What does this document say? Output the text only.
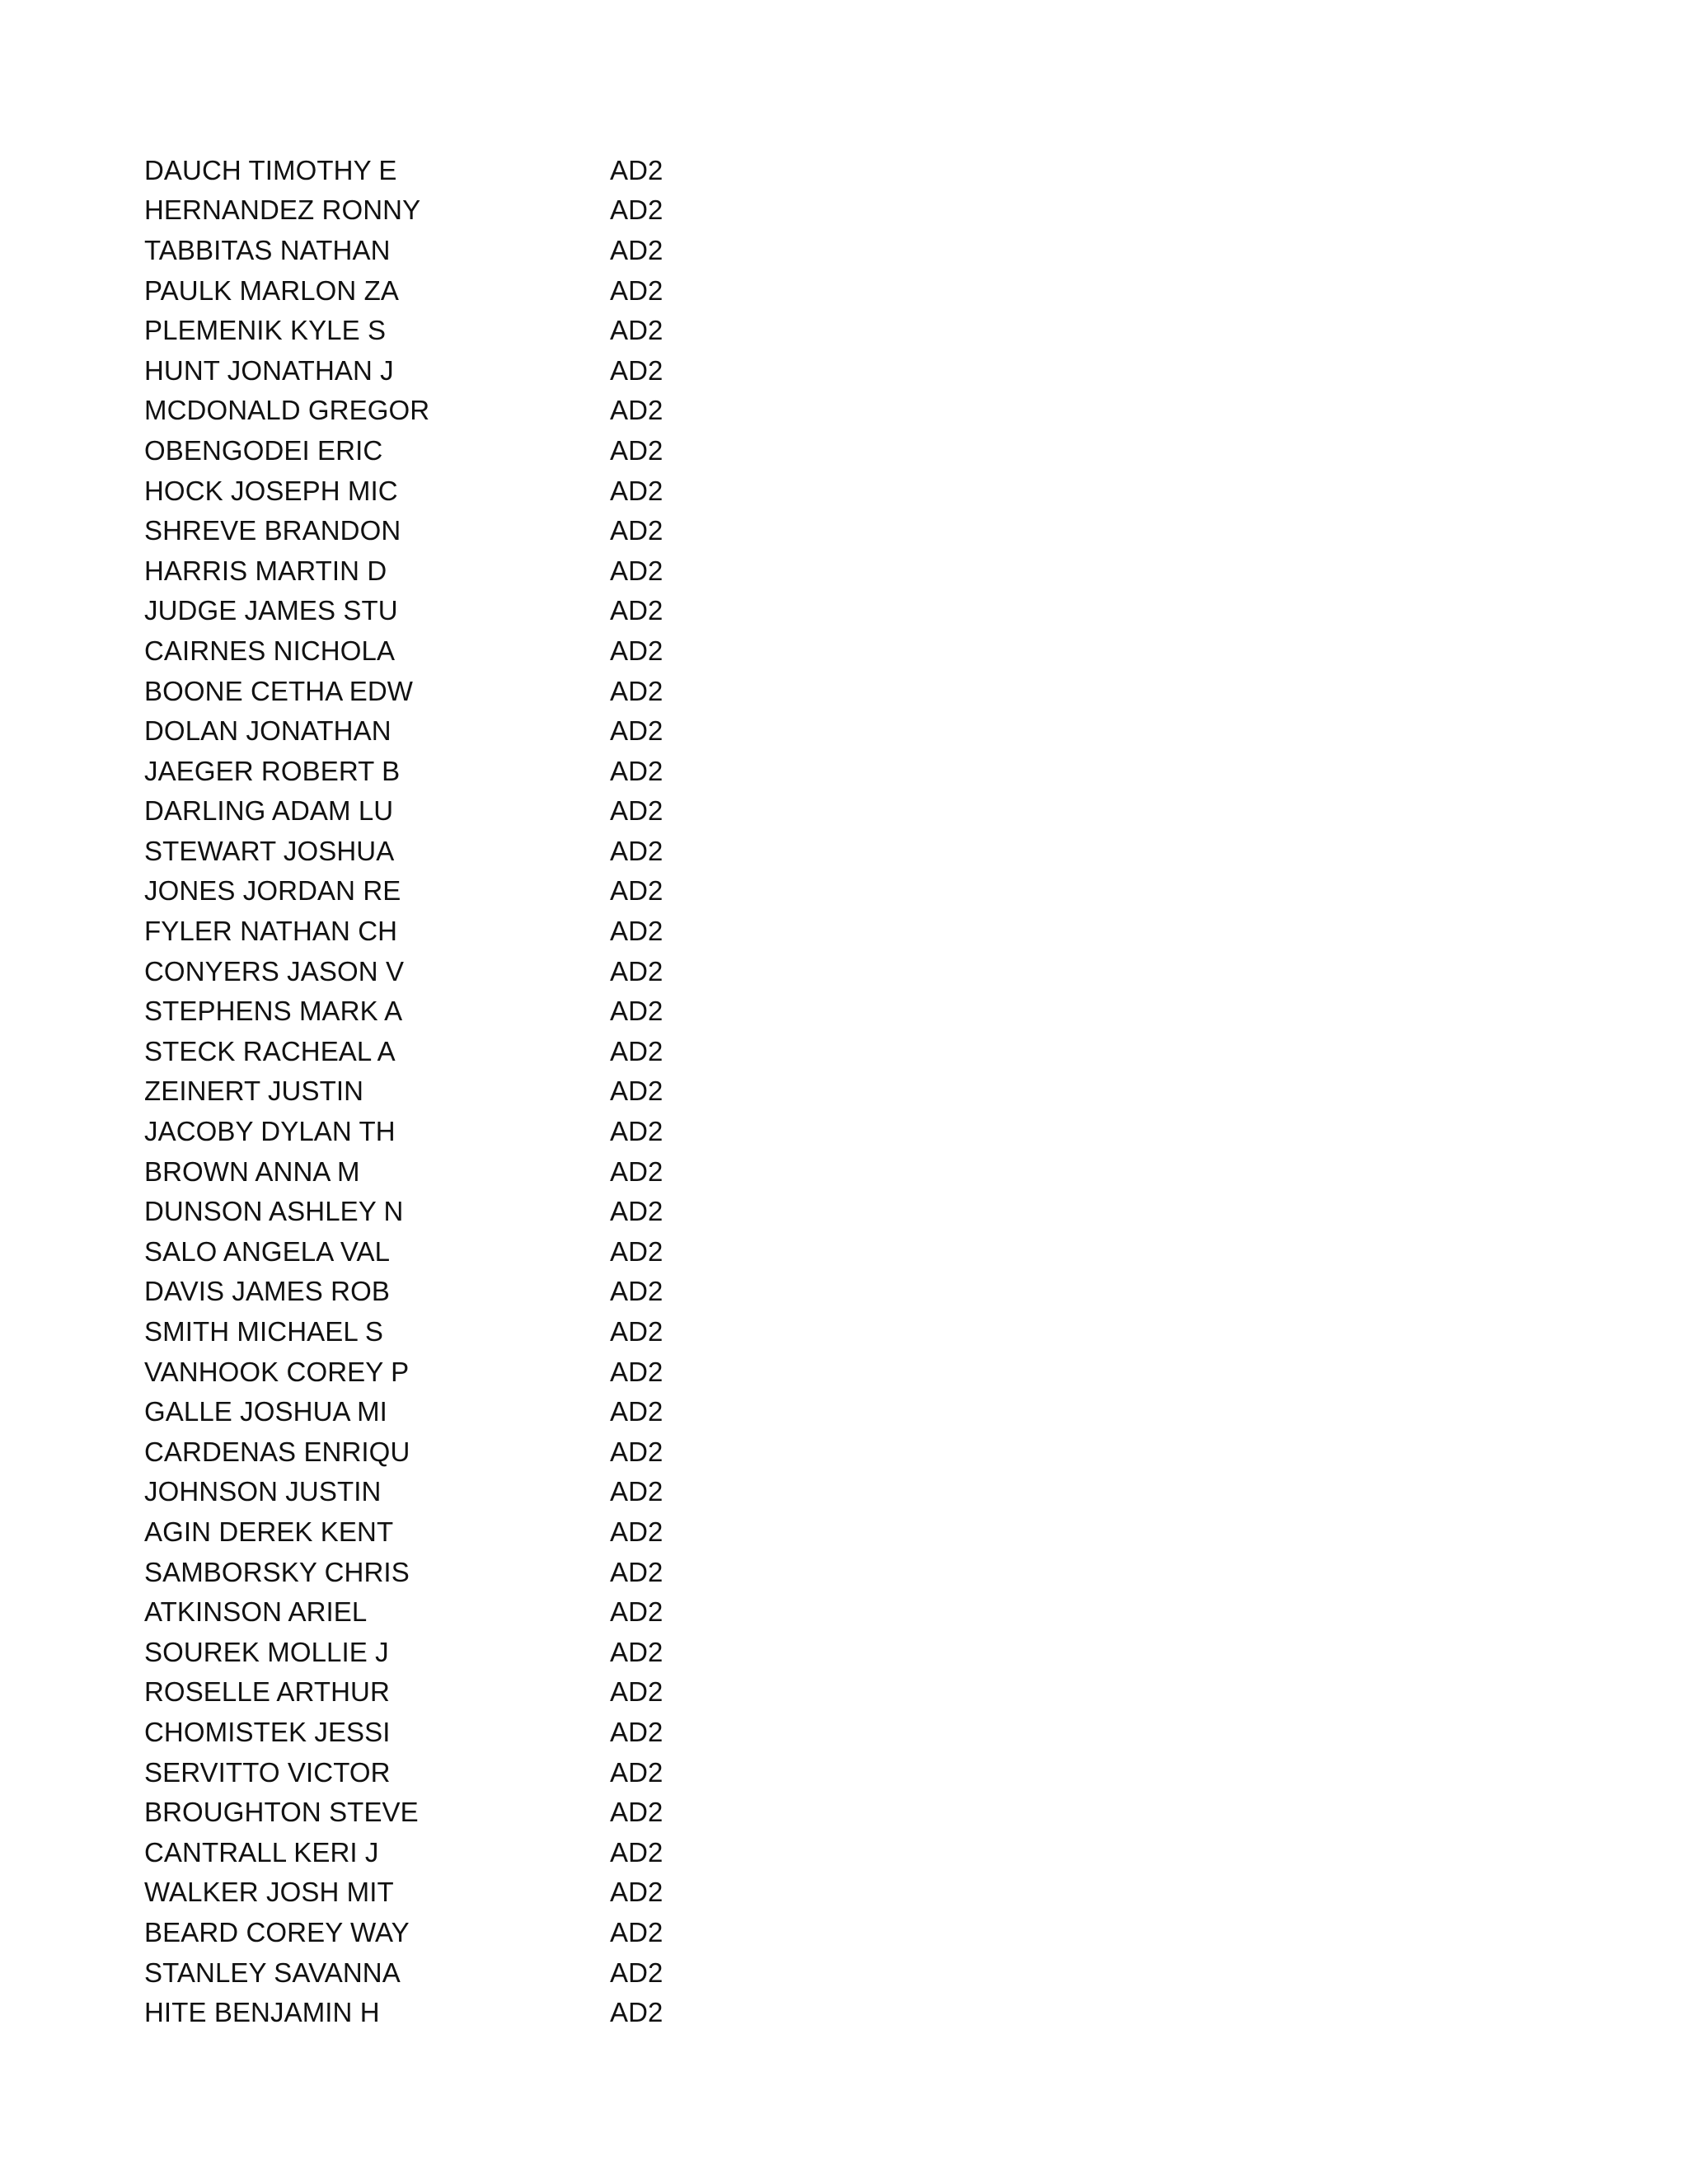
DAUCH TIMOTHY E	AD2
HERNANDEZ RONNY	AD2
TABBITAS NATHAN	AD2
PAULK MARLON ZA	AD2
PLEMENIK KYLE S	AD2
HUNT JONATHAN J	AD2
MCDONALD GREGOR	AD2
OBENGODEI ERIC	AD2
HOCK JOSEPH MIC	AD2
SHREVE BRANDON	AD2
HARRIS MARTIN D	AD2
JUDGE JAMES STU	AD2
CAIRNES NICHOLA	AD2
BOONE CETHA EDW	AD2
DOLAN JONATHAN	AD2
JAEGER ROBERT B	AD2
DARLING ADAM LU	AD2
STEWART JOSHUA	AD2
JONES JORDAN RE	AD2
FYLER NATHAN CH	AD2
CONYERS JASON V	AD2
STEPHENS MARK A	AD2
STECK RACHEAL A	AD2
ZEINERT JUSTIN	AD2
JACOBY DYLAN TH	AD2
BROWN ANNA M	AD2
DUNSON ASHLEY N	AD2
SALO ANGELA VAL	AD2
DAVIS JAMES ROB	AD2
SMITH MICHAEL S	AD2
VANHOOK COREY P	AD2
GALLE JOSHUA MI	AD2
CARDENAS ENRIQU	AD2
JOHNSON JUSTIN	AD2
AGIN DEREK KENT	AD2
SAMBORSKY CHRIS	AD2
ATKINSON ARIEL	AD2
SOUREK MOLLIE J	AD2
ROSELLE ARTHUR	AD2
CHOMISTEK JESSI	AD2
SERVITTO VICTOR	AD2
BROUGHTON STEVE	AD2
CANTRALL KERI J	AD2
WALKER JOSH MIT	AD2
BEARD COREY WAY	AD2
STANLEY SAVANNA	AD2
HITE BENJAMIN H	AD2
